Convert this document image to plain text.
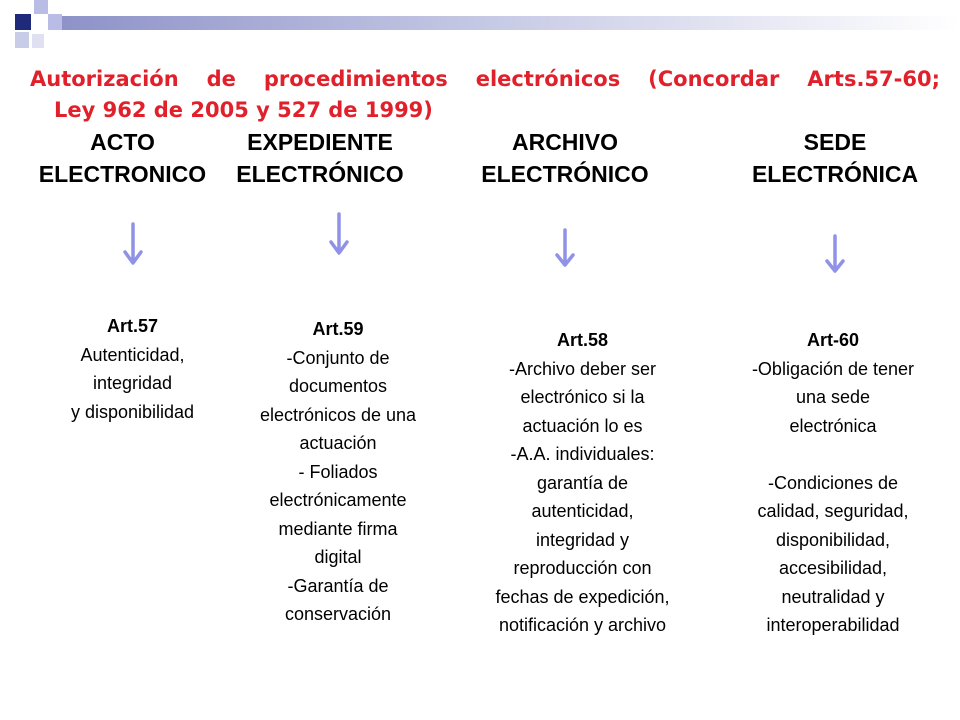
Autorización de procedimientos electrónicos (Concordar Arts.57-60;
Ley 962 de 2005 y 527 de 1999)
ACTO
ELECTRONICO
EXPEDIENTE
ELECTRÓNICO
ARCHIVO
ELECTRÓNICO
SEDE
ELECTRÓNICA
Art.57
Autenticidad,
integridad
y disponibilidad
Art.59
-Conjunto de
documentos
electrónicos de una
actuación
- Foliados
electrónicamente
mediante firma
digital
-Garantía de
conservación
Art.58
-Archivo deber ser
electrónico si la
actuación lo es
-A.A. individuales:
garantía de
autenticidad,
integridad y
reproducción con
fechas de expedición,
notificación y archivo
Art-60
-Obligación de tener
una sede
electrónica

-Condiciones de
calidad, seguridad,
disponibilidad,
accesibilidad,
neutralidad y
interoperabilidad
